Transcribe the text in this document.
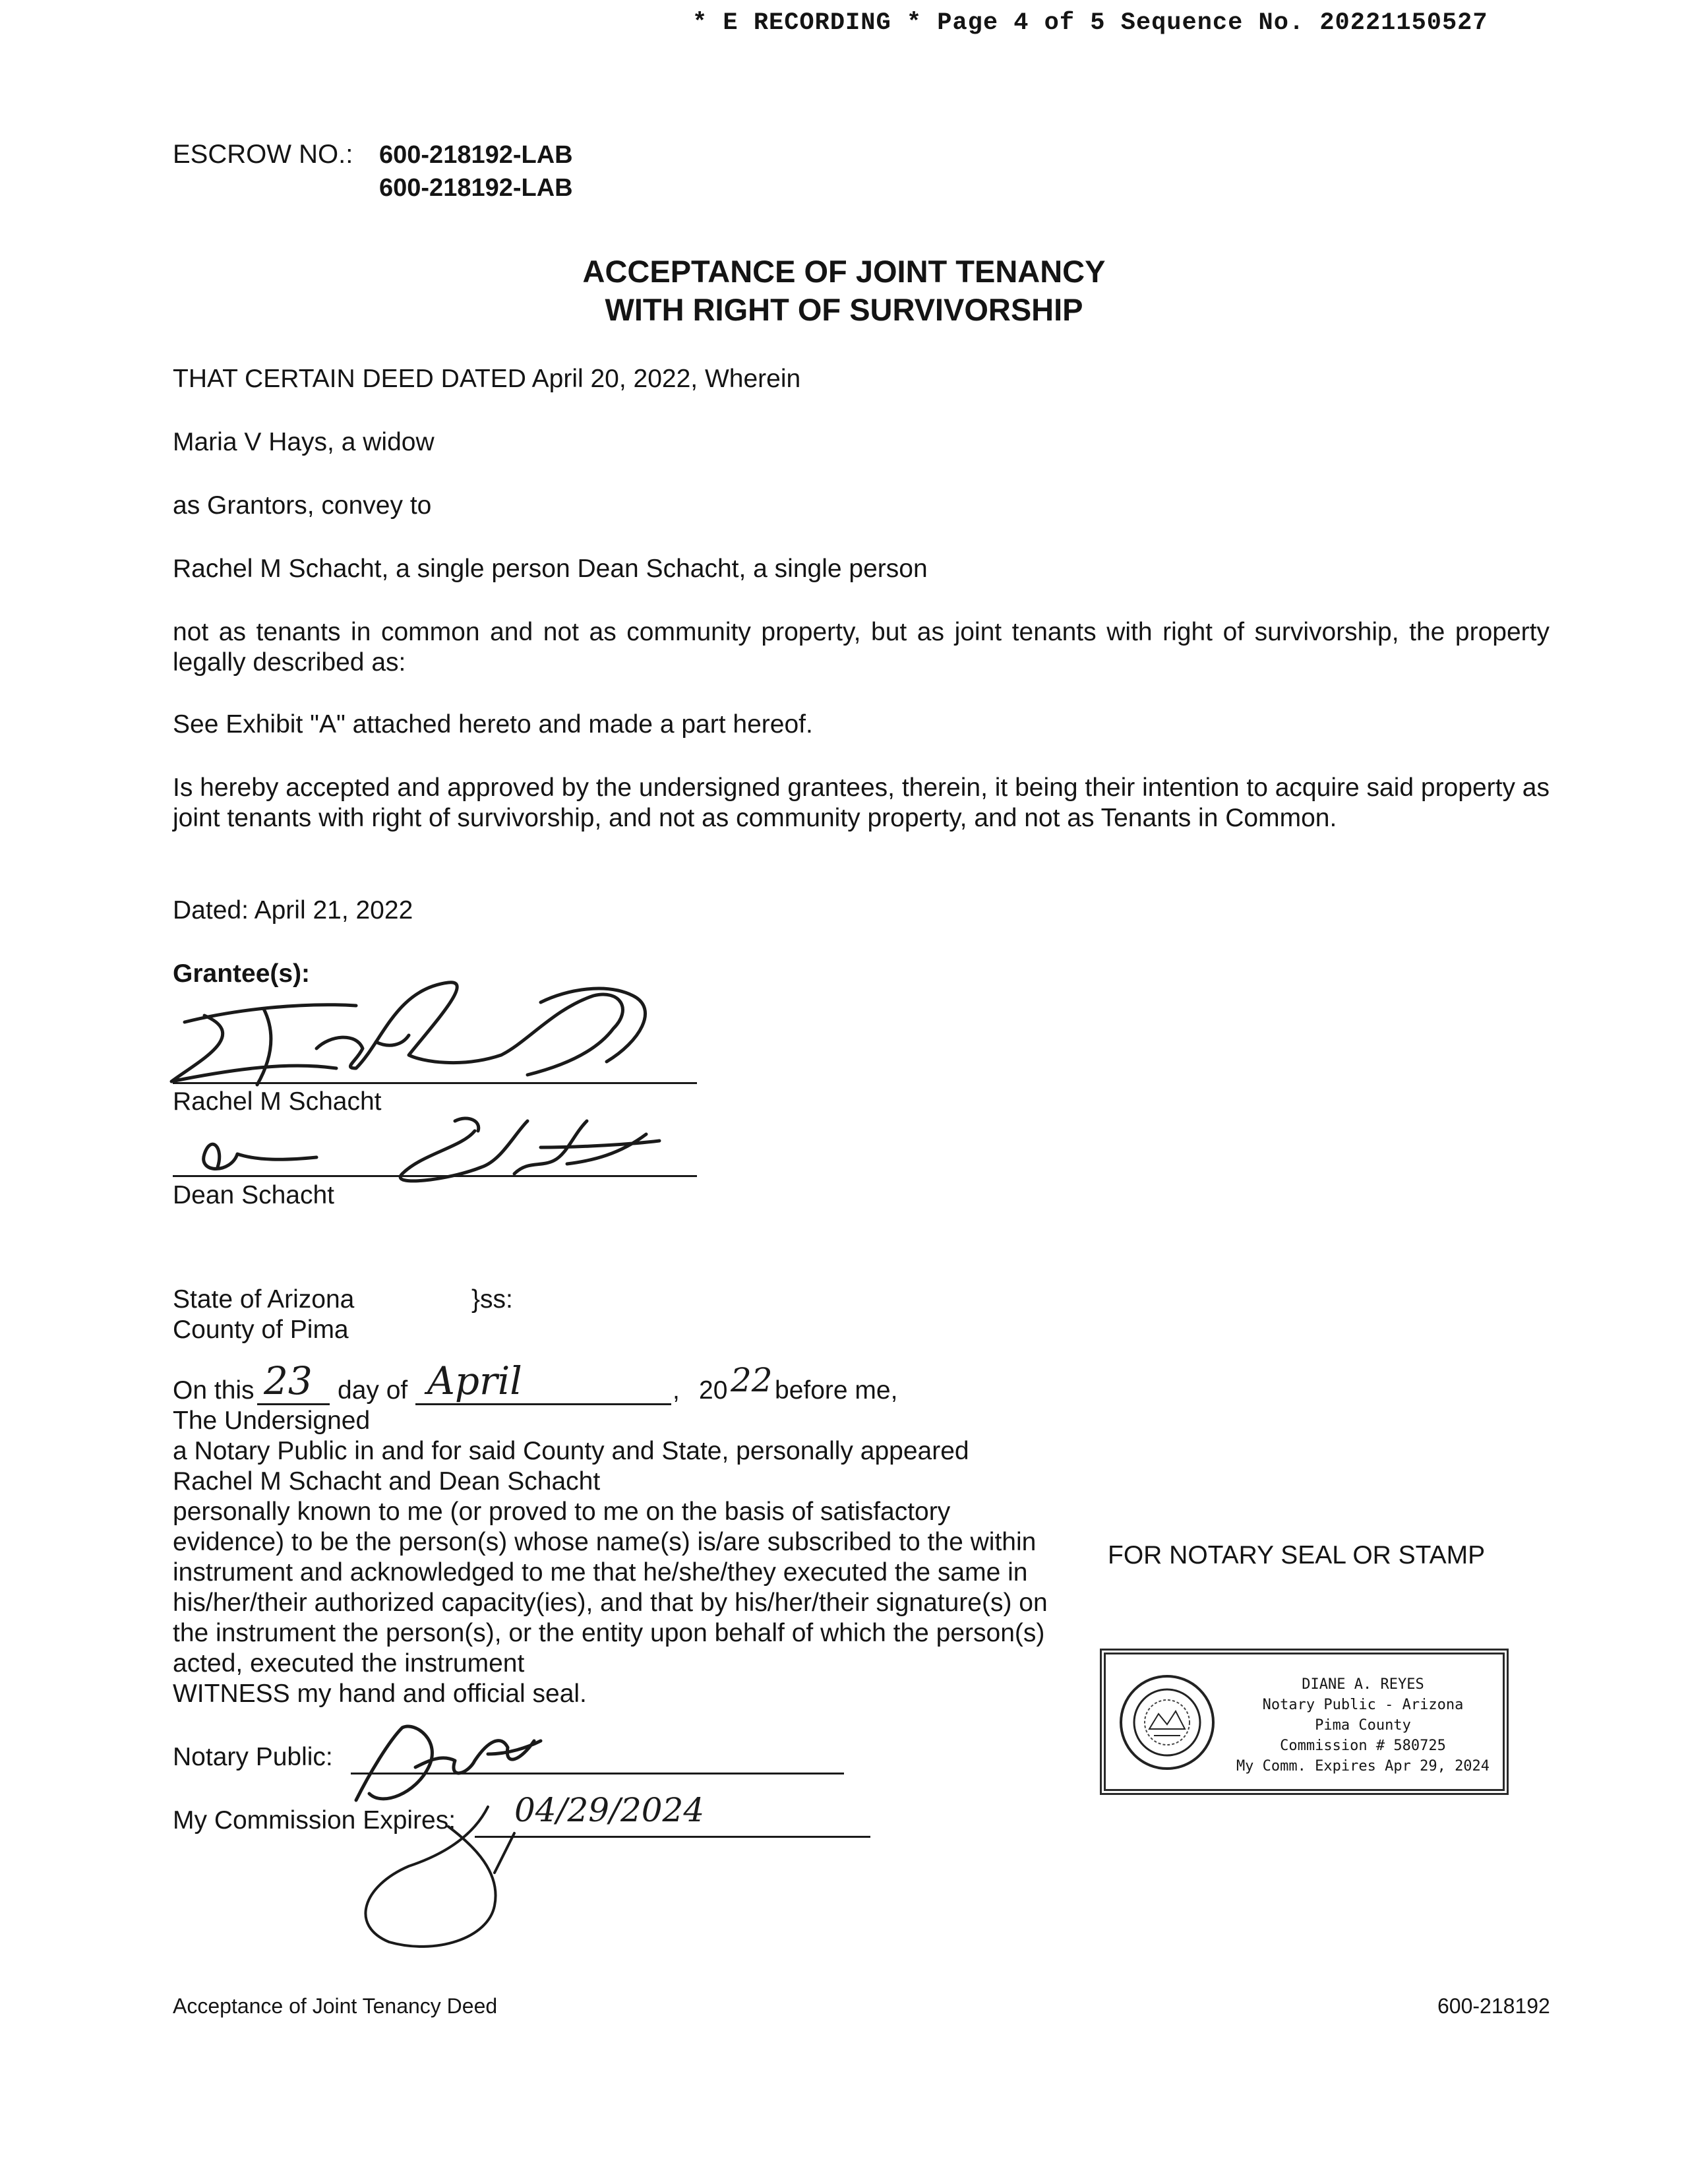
* E RECORDING * Page 4 of 5 Sequence No. 20221150527
ESCROW NO.: 600-218192-LAB
600-218192-LAB
ACCEPTANCE OF JOINT TENANCY
WITH RIGHT OF SURVIVORSHIP
THAT CERTAIN DEED DATED April 20, 2022, Wherein
Maria V Hays, a widow
as Grantors, convey to
Rachel M Schacht, a single person Dean Schacht, a single person
not as tenants in common and not as community property, but as joint tenants with right of survivorship, the property legally described as:
See Exhibit "A" attached hereto and made a part hereof.
Is hereby accepted and approved by the undersigned grantees, therein, it being their intention to acquire said property as joint tenants with right of survivorship, and not as community property, and not as Tenants in Common.
Dated: April 21, 2022
Grantee(s):
Rachel M Schacht
Dean Schacht
State of Arizona	}ss:
County of Pima
On this 23 day of April	, 20 22 before me,
The Undersigned
a Notary Public in and for said County and State, personally appeared
Rachel M Schacht and Dean Schacht
personally known to me (or proved to me on the basis of satisfactory evidence) to be the person(s) whose name(s) is/are subscribed to the within instrument and acknowledged to me that he/she/they executed the same in his/her/their authorized capacity(ies), and that by his/her/their signature(s) on the instrument the person(s), or the entity upon behalf of which the person(s) acted, executed the instrument
WITNESS my hand and official seal.
Notary Public:
My Commission Expires: 04/29/2024
FOR NOTARY SEAL OR STAMP
DIANE A. REYES
Notary Public - Arizona
Pima County
Commission # 580725
My Comm. Expires Apr 29, 2024
Acceptance of Joint Tenancy Deed	600-218192
